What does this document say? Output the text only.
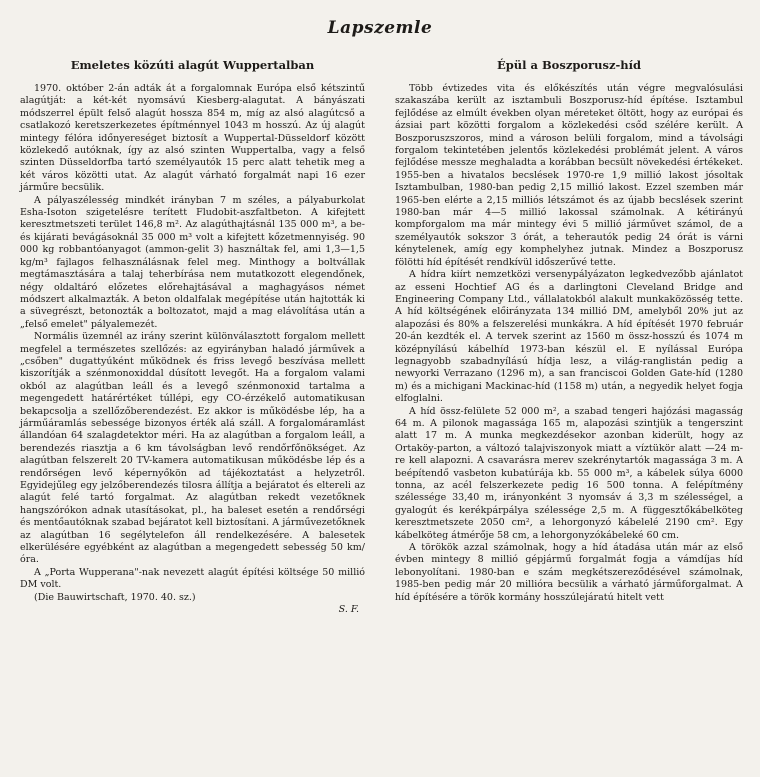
Lapszemle
Emeletes közúti alagút Wuppertalban

1970. október 2-án adták át a forgalomnak Európa első kétszintű alagútját: a két-két nyomsávú Kiesberg-alagutat. A bányászati módszerrel épült felső alagút hossza 854 m, míg az alsó alagútcső a csatlakozó keretszerkezetes építménnyel 1043 m hosszú. Az új alagút mintegy félóra időnyereséget biztosít a Wuppertal-Düsseldorf között közlekedő autóknak, így az alsó szinten Wuppertalba, vagy a felső szinten Düsseldorfba tartó személyautók 15 perc alatt tehetik meg a két város közötti utat. Az alagút várható forgalmát napi 16 ezer járműre becsülik.

A pályaszélesség mindkét irányban 7 m széles, a pályaburkolat Esha-Isoton szigetelésre terített Fludobit-aszfaltbeton. A kifejtett keresztmetszeti terület 146,8 m². Az alagúthajtásnál 135 000 m³, a be- és kijárati bevágásoknál 35 000 m³ volt a kifejtett kőzetmennyiség. 90 000 kg robbantóanyagot (ammon-gelit 3) használtak fel, ami 1,3—1,5 kg/m³ fajlagos felhasználásnak felel meg. Minthogy a boltvállak megtámasztására a talaj teherbírása nem mutatkozott elegendőnek, négy oldaltáró előzetes előrehajtásával a maghagyásos német módszert alkalmazták. A beton oldalfalak megépítése után hajtották ki a süvegrészt, betonozták a boltozatot, majd a mag elávolítása után a „felső emelet" pályalemezét.

Normális üzemnél az irány szerint különválasztott forgalom mellett megfelel a természetes szellőzés: az egyirányban haladó járművek a „csőben" dugattyúként működnek és friss levegő beszívása mellett kiszorítják a szénmonoxiddal dúsított levegőt. Ha a forgalom valami okból az alagútban leáll és a levegő szénmonoxid tartalma a megengedett határértéket túllépi, egy CO-érzékelő automatikusan bekapcsolja a szellőzőberendezést. Ez akkor is működésbe lép, ha a járműáramlás sebessége bizonyos érték alá száll. A forgalomáramlást állandóan 64 szalagdetektor méri. Ha az alagútban a forgalom leáll, a berendezés riasztja a 6 km távolságban levő rendőrfőnökséget. Az alagútban felszerelt 20 TV-kamera automatikusan működésbe lép és a rendőrségen levő képernyőkön ad tájékoztatást a helyzetről. Egyidejűleg egy jelzőberendezés tilosra állítja a bejáratot és eltereli az alagút felé tartó forgalmat. Az alagútban rekedt vezetőknek hangszórókon adnak utasításokat, pl., ha baleset esetén a rendőrségi és mentőautóknak szabad bejáratot kell biztosítani. A járművezetőknek az alagútban 16 segélytelefon áll rendelkezésére. A balesetek elkerülésére egyébként az alagútban a megengedett sebesség 50 km/óra.

A „Porta Wupperana"-nak nevezett alagút építési költsége 50 millió DM volt.

(Die Bauwirtschaft, 1970. 40. sz.)

S. F.
Épül a Boszporusz-híd

Több évtizedes vita és előkészítés után végre megvalósulási szakaszába került az isztambuli Boszporusz-híd építése. Isztambul fejlődése az elmúlt években olyan méreteket öltött, hogy az európai és ázsiai part közötti forgalom a közlekedési csőd szélére került. A Boszporuszszoros, mind a városon belüli forgalom, mind a távolsági forgalom tekintetében jelentős közlekedési problémát jelent. A város fejlődése messze meghaladta a korábban becsült növekedési értékeket. 1955-ben a hivatalos becslések 1970-re 1,9 millió lakost jósoltak Isztambulban, 1980-ban pedig 2,15 millió lakost. Ezzel szemben már 1965-ben elérte a 2,15 milliós létszámot és az újabb becslések szerint 1980-ban már 4—5 millió lakossal számolnak. A kétirányú kompforgalom ma már mintegy évi 5 millió járművet számol, de a személyautók sokszor 3 órát, a teherautók pedig 24 órát is várni kénytelenek, amíg egy komphelyhez jutnak. Mindez a Boszporusz fölötti híd építését rendkívül időszerűvé tette.

A hídra kiírt nemzetközi versenypályázaton legkedvezőbb ajánlatot az esseni Hochtief AG és a darlingtoni Cleveland Bridge and Engineering Company Ltd., vállalatokból alakult munkaközösség tette. A híd költségének előirányzata 134 millió DM, amelyből 20% jut az alapozási és 80% a felszerelési munkákra. A híd építését 1970 február 20-án kezdték el. A tervek szerint az 1560 m össz-hosszú és 1074 m középnyílású kábelhíd 1973-ban készül el. E nyílással Európa legnagyobb szabadnyílású hídja lesz, a világ-ranglistán pedig a newyorki Verrazano (1296 m), a san franciscoi Golden Gate-híd (1280 m) és a michigani Mackinac-híd (1158 m) után, a negyedik helyet fogja elfoglalni.

A híd össz-felülete 52 000 m², a szabad tengeri hajózási magasság 64 m. A pilonok magassága 165 m, alapozási szintjük a tengerszint alatt 17 m. A munka megkezdésekor azonban kiderült, hogy az Ortaköy-parton, a változó talajviszonyok miatt a víztükör alatt —24 m-re kell alapozni. A csavarásra merev szekrénytartók magassága 3 m. A beépítendő vasbeton kubatúrája kb. 55 000 m³, a kábelek súlya 6000 tonna, az acél felszerkezete pedig 16 500 tonna. A felépítmény szélessége 33,40 m, irányonként 3 nyomsáv á 3,3 m szélességel, a gyalogút és kerékpárpálya szélessége 2,5 m. A függesztőkábelköteg keresztmetszete 2050 cm², a lehorgonyzó kábelelé 2190 cm². Egy kábelköteg átmérője 58 cm, a lehorgonyzókábeleké 60 cm.

A törökök azzal számolnak, hogy a híd átadása után már az első évben mintegy 8 millió gépjármű forgalmát fogja a vámdíjas híd lebonyolítani. 1980-ban e szám megkétszereződésével számolnak, 1985-ben pedig már 20 millióra becsülik a várható járműforgalmat. A híd építésére a török kormány hosszúlejáratú hitelt vett
